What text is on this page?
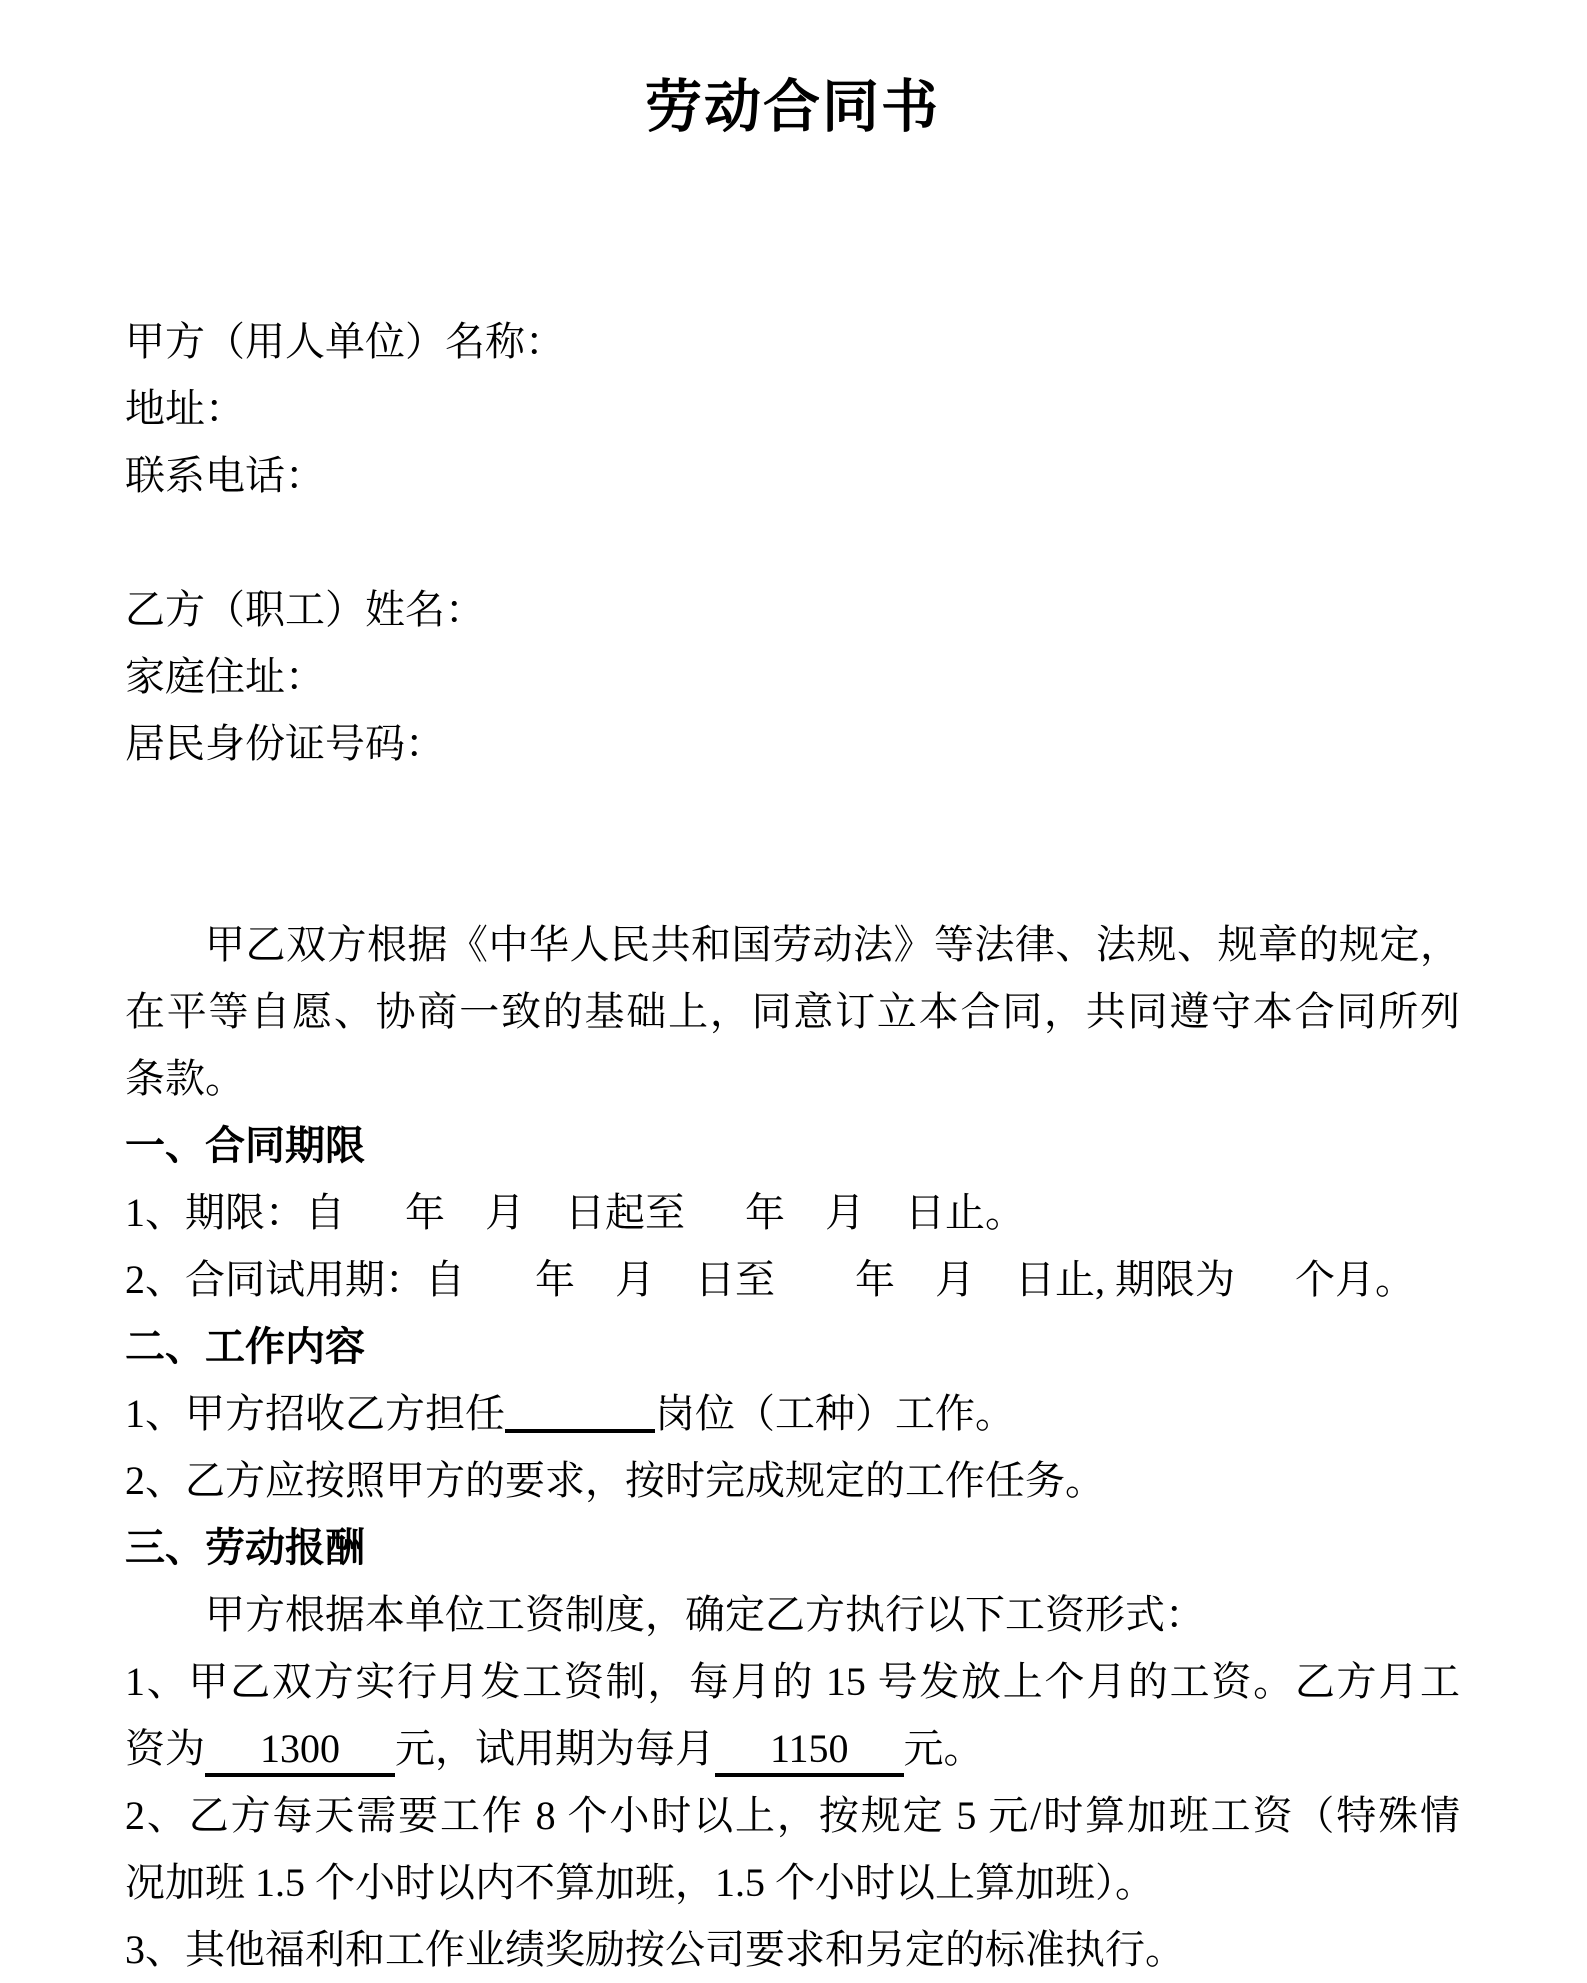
劳动合同书
甲方（用人单位）名称：
地址：
联系电话：
乙方（职工）姓名：
家庭住址：
居民身份证号码：
甲乙双方根据《中华人民共和国劳动法》等法律、法规、规章的规定，
在平等自愿、协商一致的基础上，同意订立本合同，共同遵守本合同所列
条款。
一、合同期限
1、期限：自      年    月    日起至      年    月    日止。
2、合同试用期：自       年    月    日至        年    月    日止, 期限为      个月。
二、工作内容
1、甲方招收乙方担任	岗位（工种）工作。
2、乙方应按照甲方的要求，按时完成规定的工作任务。
三、劳动报酬
甲方根据本单位工资制度，确定乙方执行以下工资形式：
1、甲乙双方实行月发工资制，每月的 15 号发放上个月的工资。乙方月工
资为 1300 元，试用期为每月 1150 元。
2、乙方每天需要工作 8 个小时以上，按规定 5 元/时算加班工资（特殊情
况加班 1.5 个小时以内不算加班，1.5 个小时以上算加班）。
3、其他福利和工作业绩奖励按公司要求和另定的标准执行。
